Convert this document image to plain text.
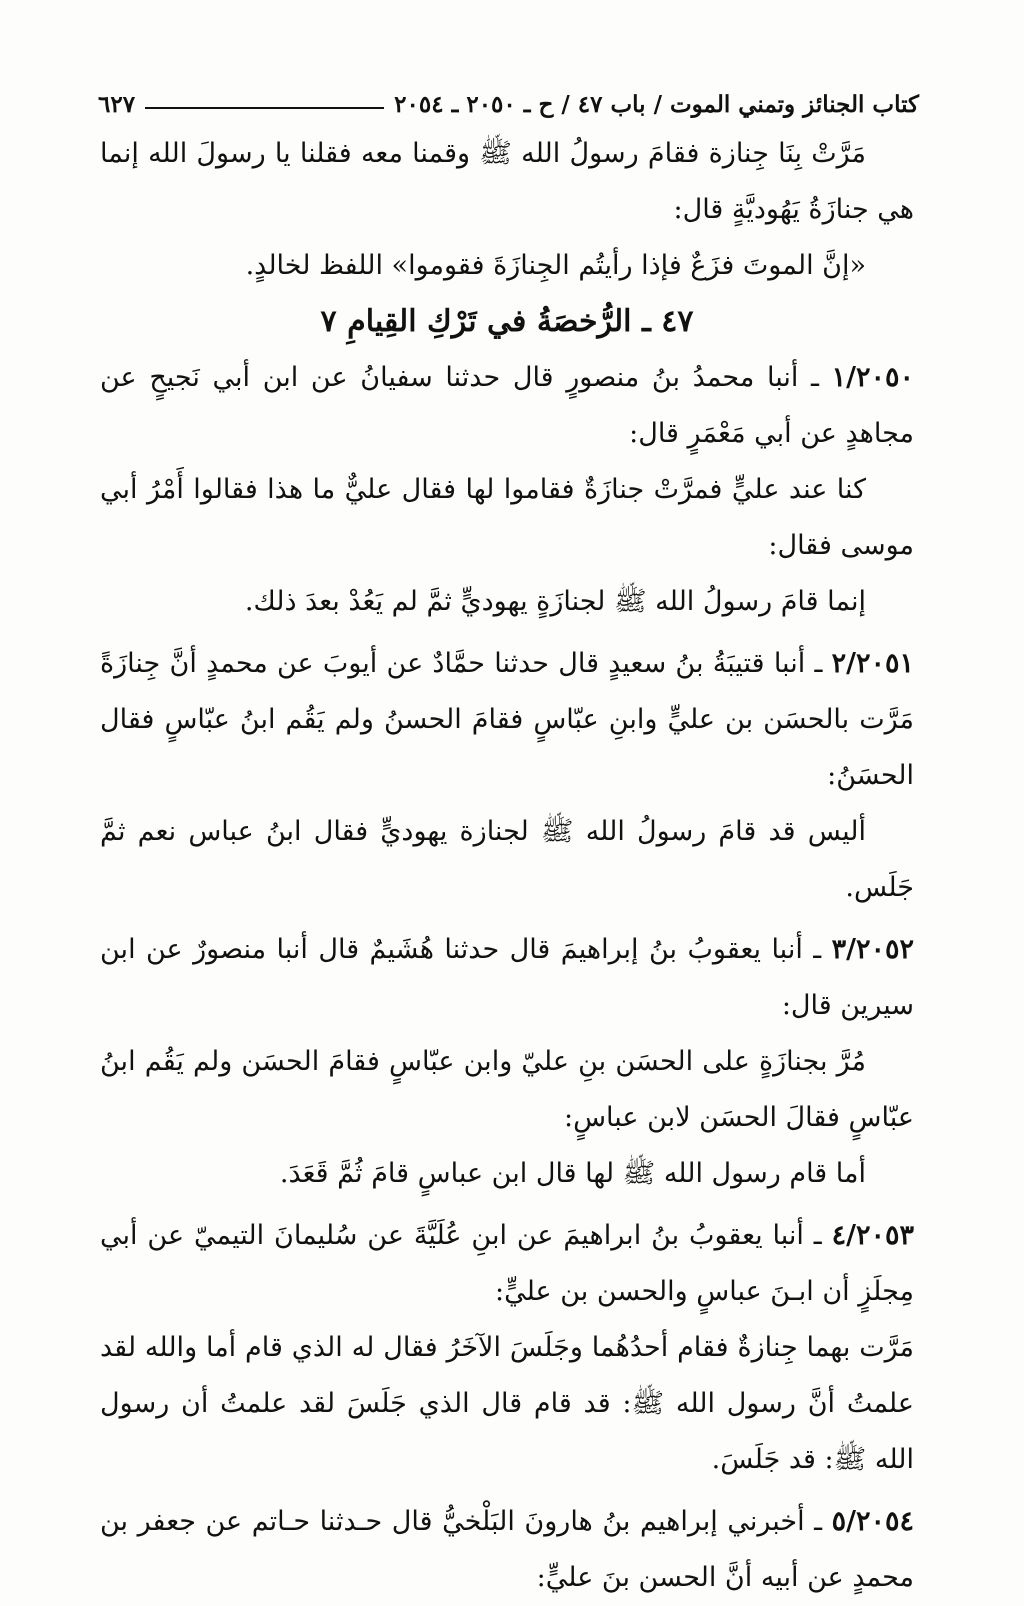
كتاب الجنائز وتمني الموت / باب ٤٧ / ح ـ ٢٠٥٠ ـ ٢٠٥٤
٦٢٧

مَرَّتْ بِنَا جِنازة فقامَ رسولُ الله ﷺ وقمنا معه فقلنا يا رسولَ الله إنما هي جنازَةُ يَهُوديَّةٍ قال:

«إنَّ الموتَ فزَعٌ فإذا رأيتُم الجِنازَةَ فقوموا» اللفظ لخالدٍ.

٤٧ ـ الرُّخصَةُ في تَرْكِ القِيامِ ٧

١/٢٠٥٠ ـ أنبا محمدُ بنُ منصورٍ قال حدثنا سفيانُ عن ابن أبي نَجيحٍ عن مجاهدٍ عن أبي مَعْمَرٍ قال:

كنا عند عليٍّ فمرَّتْ جنازَةٌ فقاموا لها فقال عليٌّ ما هذا فقالوا أَمْرُ أبي موسى فقال:

إنما قامَ رسولُ الله ﷺ لجنازَةٍ يهوديٍّ ثمَّ لم يَعُدْ بعدَ ذلك.

٢/٢٠٥١ ـ أنبا قتيبَةُ بنُ سعيدٍ قال حدثنا حمَّادٌ عن أيوبَ عن محمدٍ أنَّ جِنازَةً مَرَّت بالحسَن بن عليٍّ وابنِ عبّاسٍ فقامَ الحسنُ ولم يَقُم ابنُ عبّاسٍ فقال الحسَنُ:

أليس قد قامَ رسولُ الله ﷺ لجنازة يهوديٍّ فقال ابنُ عباس نعم ثمَّ جَلَس.

٣/٢٠٥٢ ـ أنبا يعقوبُ بنُ إبراهيمَ قال حدثنا هُشَيمٌ قال أنبا منصورٌ عن ابن سيرين قال:

مُرَّ بجنازَةٍ على الحسَن بنِ عليّ وابن عبّاسٍ فقامَ الحسَن ولم يَقُم ابنُ عبّاسٍ فقالَ الحسَن لابن عباسٍ:

أما قام رسول الله ﷺ لها قال ابن عباسٍ قامَ ثُمَّ قَعَدَ.

٤/٢٠٥٣ ـ أنبا يعقوبُ بنُ ابراهيمَ عن ابنِ عُلَيَّةَ عن سُليمانَ التيميّ عن أبي مِجلَزٍ أن ابـنَ عباسٍ والحسن بن عليٍّ:

مَرَّت بهما جِنازةٌ فقام أحدُهُما وجَلَسَ الآخَرُ فقال له الذي قام أما والله لقد علمتُ أنَّ رسول الله ﷺ: قد قام قال الذي جَلَسَ لقد علمتُ أن رسول الله ﷺ: قد جَلَسَ.

٥/٢٠٥٤ ـ أخبرني إبراهيم بنُ هارونَ البَلْخيُّ قال حـدثنا حـاتم عن جعفر بن محمدٍ عن أبيه أنَّ الحسن بنَ عليٍّ:
